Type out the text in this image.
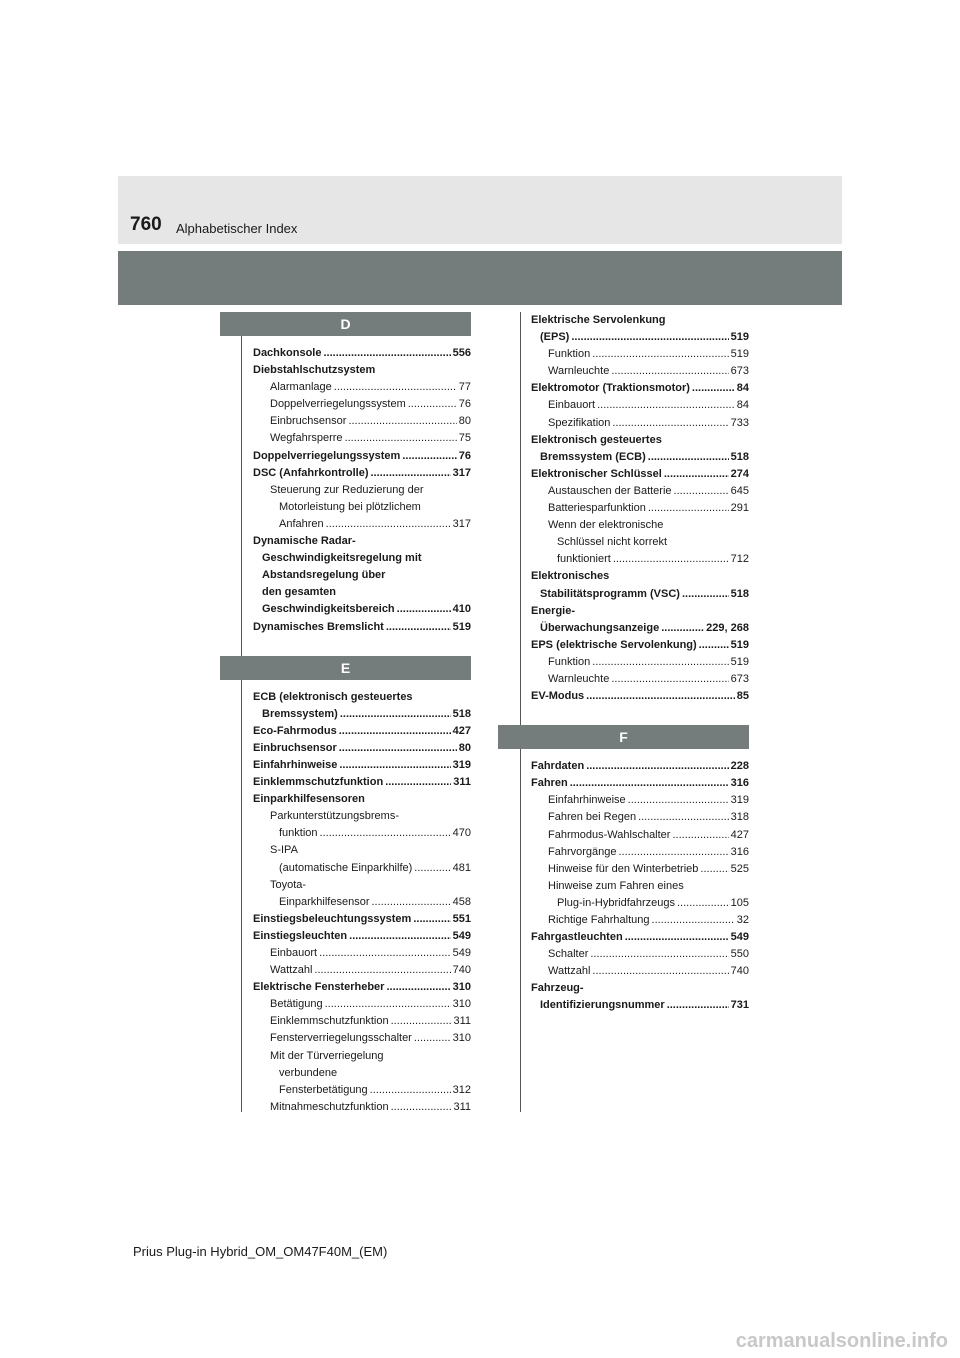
760 Alphabetischer Index
D
Dachkonsole .....	556
Diebstahlschutzsystem
Alarmanlage .....	77
Doppelverriegelungssystem .....	76
Einbruchsensor .....	80
Wegfahrsperre .....	75
Doppelverriegelungssystem .....	76
DSC (Anfahrkontrolle) .....	317
Steuerung zur Reduzierung der
Motorleistung bei plötzlichem
Anfahren .....	317
Dynamische Radar-
Geschwindigkeitsregelung mit
Abstandsregelung über
den gesamten
Geschwindigkeitsbereich .....	410
Dynamisches Bremslicht .....	519
E
ECB (elektronisch gesteuertes
Bremssystem) .....	518
Eco-Fahrmodus .....	427
Einbruchsensor .....	80
Einfahrhinweise .....	319
Einklemmschutzfunktion .....	311
Einparkhilfesensoren
Parkunterstützungsbrems-
funktion .....	470
S-IPA
(automatische Einparkhilfe) .....	481
Toyota-
Einparkhilfesensor .....	458
Einstiegsbeleuchtungssystem .....	551
Einstiegsleuchten .....	549
Einbauort .....	549
Wattzahl .....	740
Elektrische Fensterheber .....	310
Betätigung .....	310
Einklemmschutzfunktion .....	311
Fensterverriegelungsschalter .....	310
Mit der Türverriegelung
verbundene
Fensterbetätigung .....	312
Mitnahmeschutzfunktion .....	311
Elektrische Servolenkung
(EPS) .....	519
Funktion .....	519
Warnleuchte .....	673
Elektromotor (Traktionsmotor) .....	84
Einbauort .....	84
Spezifikation .....	733
Elektronisch gesteuertes
Bremssystem (ECB) .....	518
Elektronischer Schlüssel .....	274
Austauschen der Batterie .....	645
Batteriesparfunktion .....	291
Wenn der elektronische
Schlüssel nicht korrekt
funktioniert .....	712
Elektronisches
Stabilitätsprogramm (VSC) .....	518
Energie-
Überwachungsanzeige .....	229, 268
EPS (elektrische Servolenkung) .....	519
Funktion .....	519
Warnleuchte .....	673
EV-Modus .....	85
F
Fahrdaten .....	228
Fahren .....	316
Einfahrhinweise .....	319
Fahren bei Regen .....	318
Fahrmodus-Wahlschalter .....	427
Fahrvorgänge .....	316
Hinweise für den Winterbetrieb .....	525
Hinweise zum Fahren eines
Plug-in-Hybridfahrzeugs .....	105
Richtige Fahrhaltung .....	32
Fahrgastleuchten .....	549
Schalter .....	550
Wattzahl .....	740
Fahrzeug-
Identifizierungsnummer .....	731
Prius Plug-in Hybrid_OM_OM47F40M_(EM)
carmanualsonline.info
